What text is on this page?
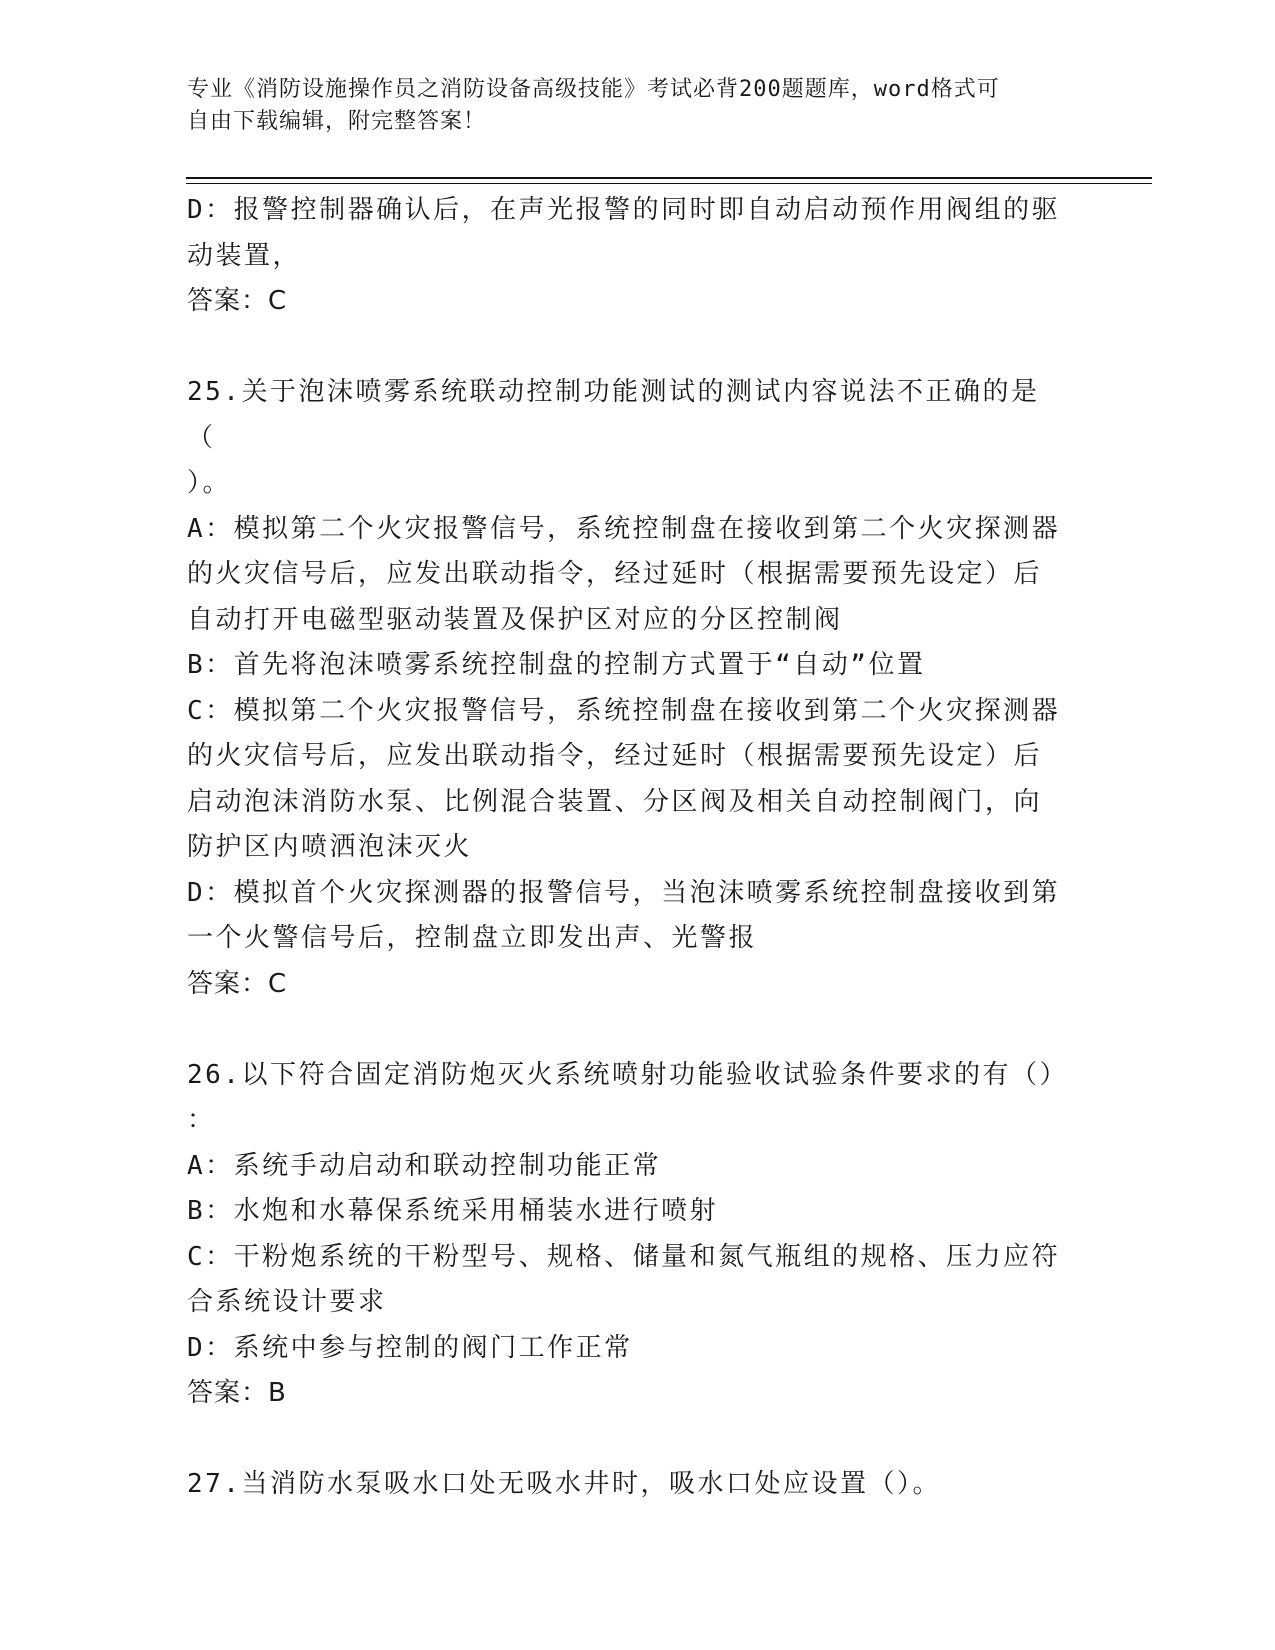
专业《消防设施操作员之消防设备高级技能》考试必背200题题库，word格式可
自由下载编辑，附完整答案！

D：报警控制器确认后，在声光报警的同时即自动启动预作用阀组的驱

动装置，

答案：C

25.关于泡沫喷雾系统联动控制功能测试的测试内容说法不正确的是（

）。

A：模拟第二个火灾报警信号，系统控制盘在接收到第二个火灾探测器

的火灾信号后，应发出联动指令，经过延时（根据需要预先设定）后

自动打开电磁型驱动装置及保护区对应的分区控制阀

B：首先将泡沫喷雾系统控制盘的控制方式置于“自动”位置

C：模拟第二个火灾报警信号，系统控制盘在接收到第二个火灾探测器

的火灾信号后，应发出联动指令，经过延时（根据需要预先设定）后

启动泡沫消防水泵、比例混合装置、分区阀及相关自动控制阀门，向

防护区内喷洒泡沫灭火

D：模拟首个火灾探测器的报警信号，当泡沫喷雾系统控制盘接收到第

一个火警信号后，控制盘立即发出声、光警报

答案：C

26.以下符合固定消防炮灭火系统喷射功能验收试验条件要求的有（）

：

A：系统手动启动和联动控制功能正常

B：水炮和水幕保系统采用桶装水进行喷射

C：干粉炮系统的干粉型号、规格、储量和氮气瓶组的规格、压力应符

合系统设计要求

D：系统中参与控制的阀门工作正常

答案：B

27.当消防水泵吸水口处无吸水井时，吸水口处应设置（）。
